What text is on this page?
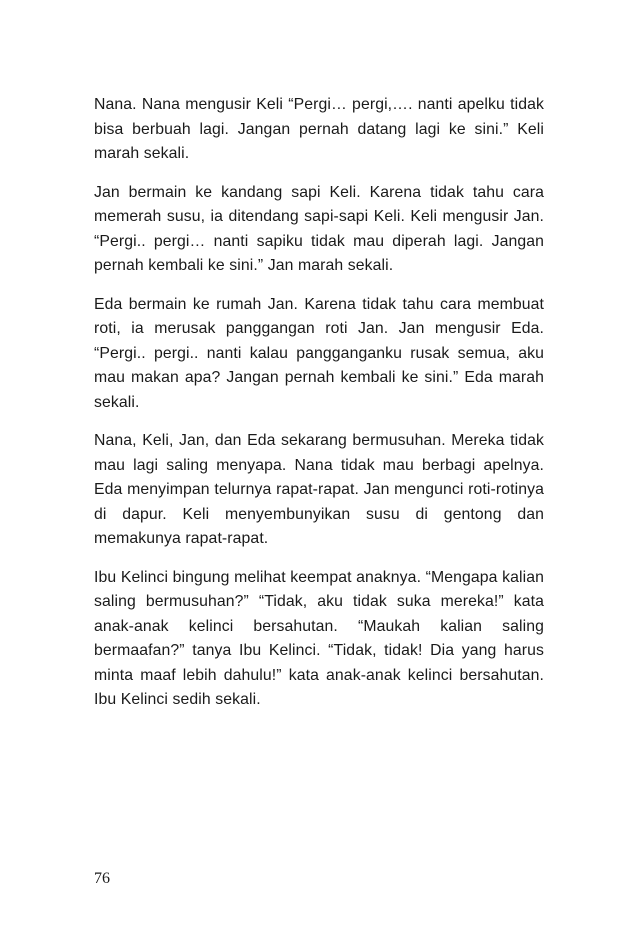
Nana. Nana mengusir Keli “Pergi… pergi,…. nanti apelku tidak bisa berbuah lagi. Jangan pernah datang lagi ke sini.” Keli marah sekali.

Jan bermain ke kandang sapi Keli. Karena tidak tahu cara memerah susu, ia ditendang sapi-sapi Keli. Keli mengusir Jan. “Pergi.. pergi… nanti sapiku tidak mau diperah lagi. Jangan pernah kembali ke sini.” Jan marah sekali.

Eda bermain ke rumah Jan. Karena tidak tahu cara membuat roti, ia merusak panggangan roti Jan. Jan mengusir Eda. “Pergi.. pergi.. nanti kalau pangganganku rusak semua, aku mau makan apa? Jangan pernah kembali ke sini.” Eda marah sekali.

Nana, Keli, Jan, dan Eda sekarang bermusuhan. Mereka tidak mau lagi saling menyapa. Nana tidak mau berbagi apelnya. Eda menyimpan telurnya rapat-rapat. Jan mengunci roti-rotinya di dapur. Keli menyembunyikan susu di gentong dan memakunya rapat-rapat.

Ibu Kelinci bingung melihat keempat anaknya. “Mengapa kalian saling bermusuhan?” “Tidak, aku tidak suka mereka!” kata anak-anak kelinci bersahutan. “Maukah kalian saling bermaafan?” tanya Ibu Kelinci. “Tidak, tidak! Dia yang harus minta maaf lebih dahulu!” kata anak-anak kelinci bersahutan. Ibu Kelinci sedih sekali.

76
